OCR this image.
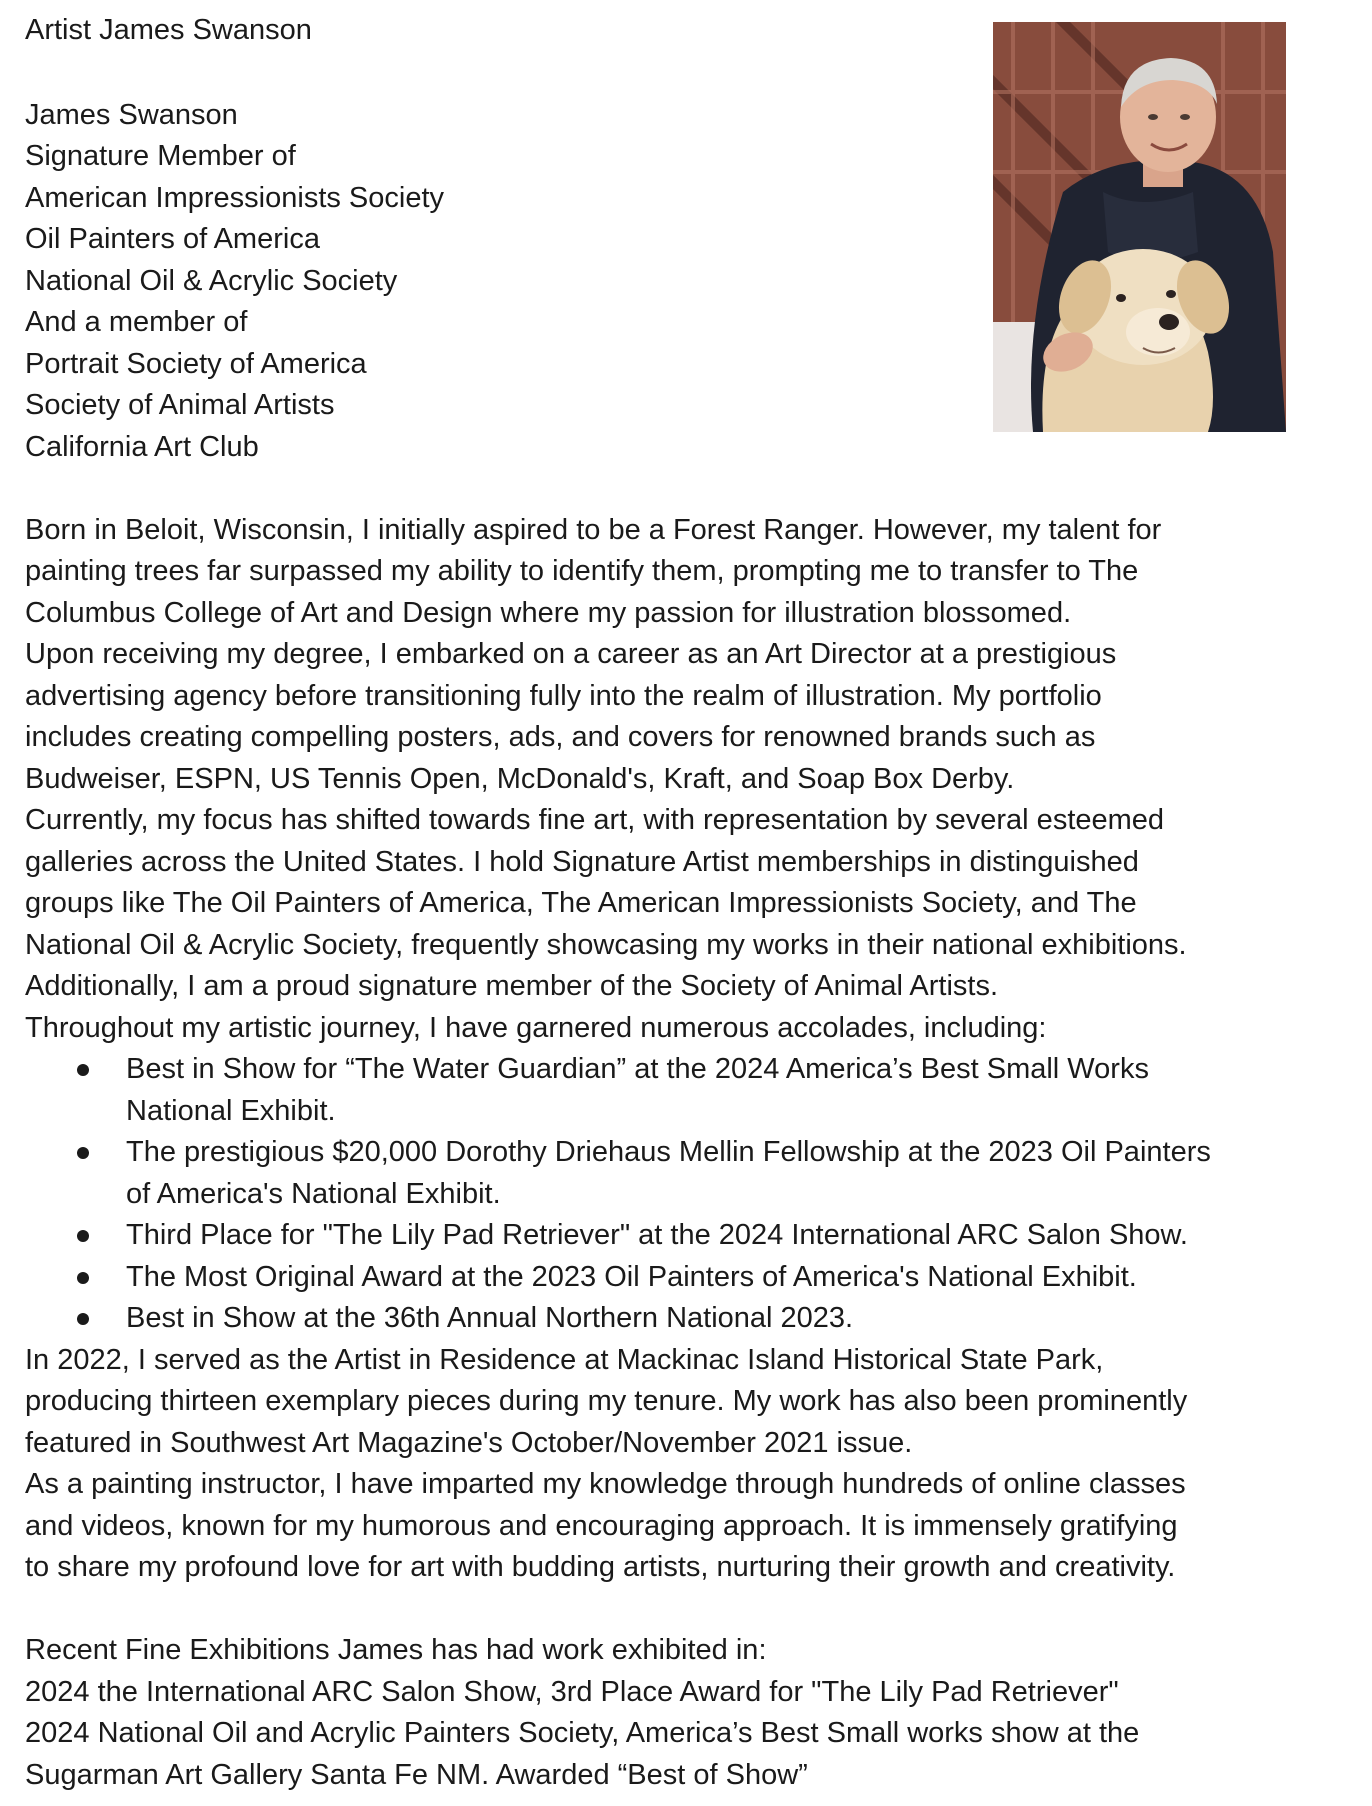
Artist James Swanson

James Swanson

Signature Member of

American Impressionists Society

Oil Painters of America

National Oil & Acrylic Society

And a member of

Portrait Society of America

Society of Animal Artists

California Art Club

Born in Beloit, Wisconsin, I initially aspired to be a Forest Ranger. However, my talent for

painting trees far surpassed my ability to identify them, prompting me to transfer to The

Columbus College of Art and Design where my passion for illustration blossomed.

Upon receiving my degree, I embarked on a career as an Art Director at a prestigious

advertising agency before transitioning fully into the realm of illustration. My portfolio

includes creating compelling posters, ads, and covers for renowned brands such as

Budweiser, ESPN, US Tennis Open, McDonald's, Kraft, and Soap Box Derby.

Currently, my focus has shifted towards fine art, with representation by several esteemed

galleries across the United States. I hold Signature Artist memberships in distinguished

groups like The Oil Painters of America, The American Impressionists Society, and The

National Oil & Acrylic Society, frequently showcasing my works in their national exhibitions.

Additionally, I am a proud signature member of the Society of Animal Artists.

Throughout my artistic journey, I have garnered numerous accolades, including:

Best in Show for “The Water Guardian” at the 2024 America’s Best Small Works
National Exhibit.
The prestigious $20,000 Dorothy Driehaus Mellin Fellowship at the 2023 Oil Painters
of America's National Exhibit.
Third Place for "The Lily Pad Retriever" at the 2024 International ARC Salon Show.
The Most Original Award at the 2023 Oil Painters of America's National Exhibit.
Best in Show at the 36th Annual Northern National 2023.

In 2022, I served as the Artist in Residence at Mackinac Island Historical State Park,

producing thirteen exemplary pieces during my tenure. My work has also been prominently

featured in Southwest Art Magazine's October/November 2021 issue.

As a painting instructor, I have imparted my knowledge through hundreds of online classes

and videos, known for my humorous and encouraging approach. It is immensely gratifying

to share my profound love for art with budding artists, nurturing their growth and creativity.

Recent Fine Exhibitions James has had work exhibited in:

2024 the International ARC Salon Show, 3rd Place Award for "The Lily Pad Retriever"

2024 National Oil and Acrylic Painters Society, America’s Best Small works show at the

Sugarman Art Gallery Santa Fe NM. Awarded “Best of Show”
